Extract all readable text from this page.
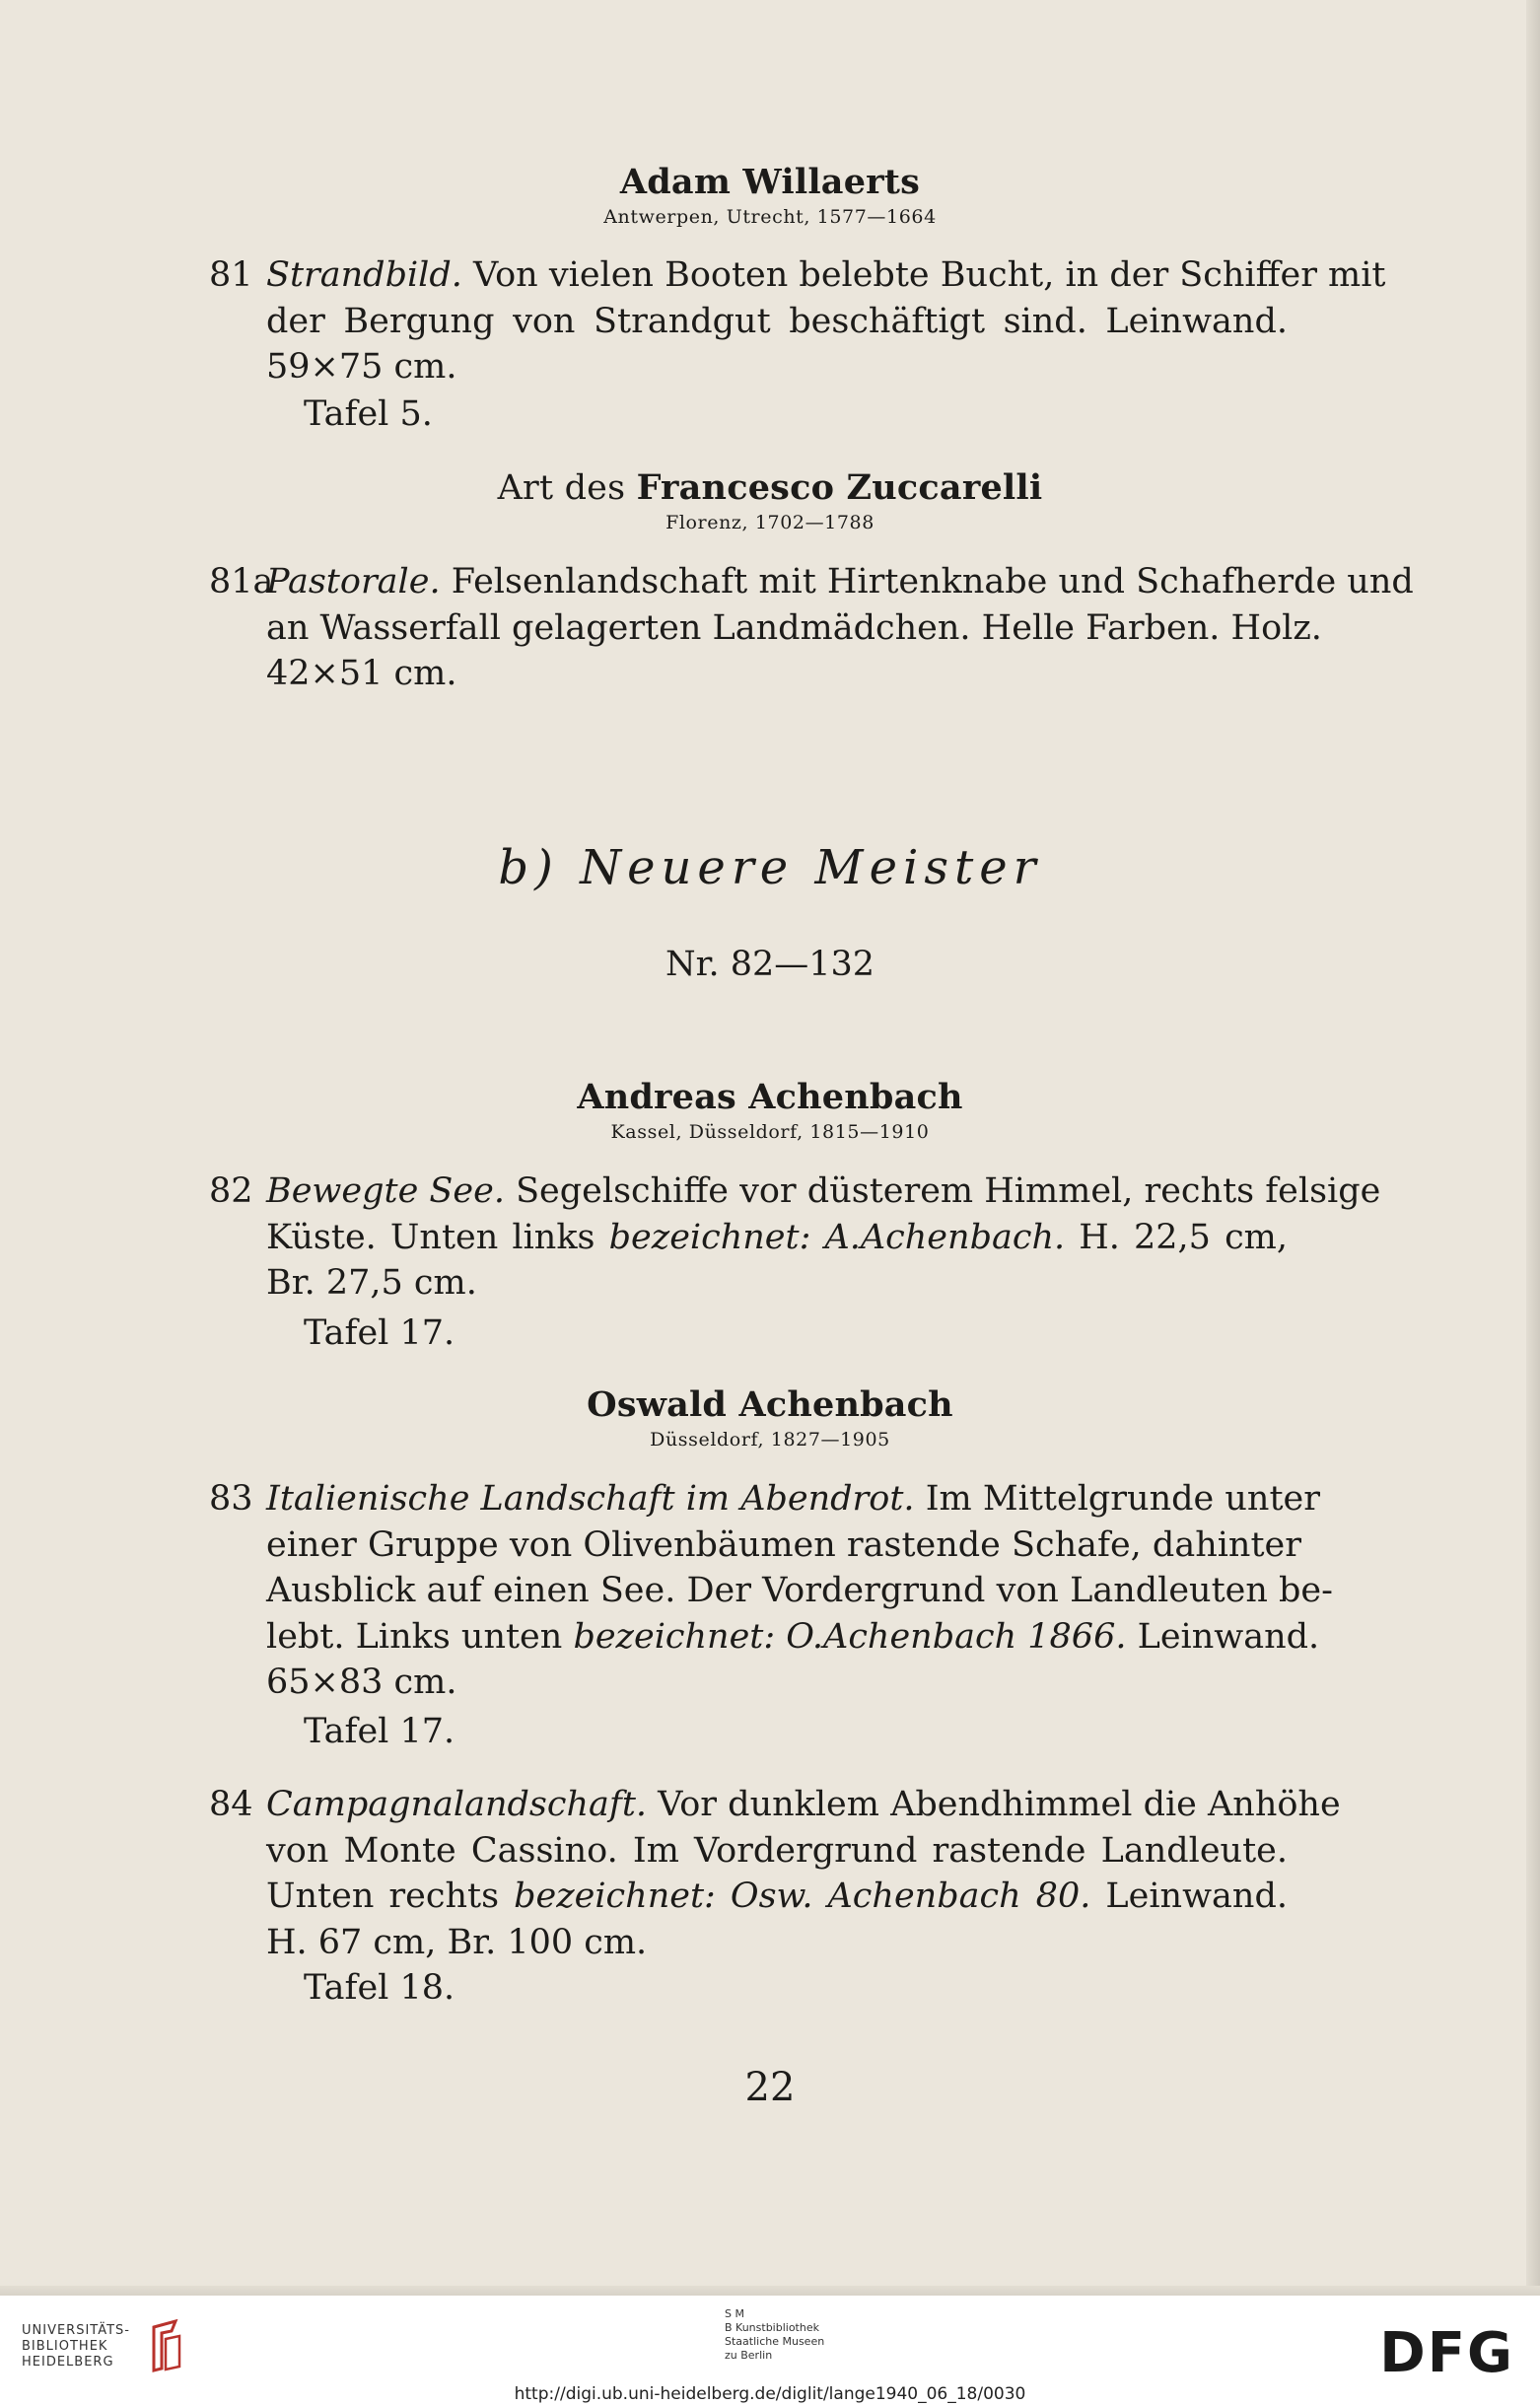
Adam Willaerts
Antwerpen, Utrecht, 1577—1664
81 Strandbild. Von vielen Booten belebte Bucht, in der Schiffer mit
der Bergung von Strandgut beschäftigt sind. Leinwand.
59×75 cm.
Tafel 5.
Art des Francesco Zuccarelli
Florenz, 1702—1788
81a
Pastorale. Felsenlandschaft mit Hirtenknabe und Schafherde und
an Wasserfall gelagerten Landmädchen. Helle Farben. Holz.
42×51 cm.
b) Neuere Meister
Nr. 82—132
Andreas Achenbach
Kassel, Düsseldorf, 1815—1910
82 Bewegte See. Segelschiffe vor düsterem Himmel, rechts felsige
Küste. Unten links bezeichnet: A.Achenbach. H. 22,5 cm,
Br. 27,5 cm.
Tafel 17.
Oswald Achenbach
Düsseldorf, 1827—1905
83 Italienische Landschaft im Abendrot. Im Mittelgrunde unter
einer Gruppe von Olivenbäumen rastende Schafe, dahinter
Ausblick auf einen See. Der Vordergrund von Landleuten be-
lebt. Links unten bezeichnet: O.Achenbach 1866. Leinwand.
65×83 cm.
Tafel 17.
84 Campagnalandschaft. Vor dunklem Abendhimmel die Anhöhe
von Monte Cassino. Im Vordergrund rastende Landleute.
Unten rechts bezeichnet: Osw. Achenbach 80. Leinwand.
H. 67 cm, Br. 100 cm.
Tafel 18.
22
UNIVERSITÄTS-
BIBLIOTHEK
HEIDELBERG
S M
B Kunstbibliothek
Staatliche Museen
zu Berlin	DFG
http://digi.ub.uni-heidelberg.de/diglit/lange1940_06_18/0030
